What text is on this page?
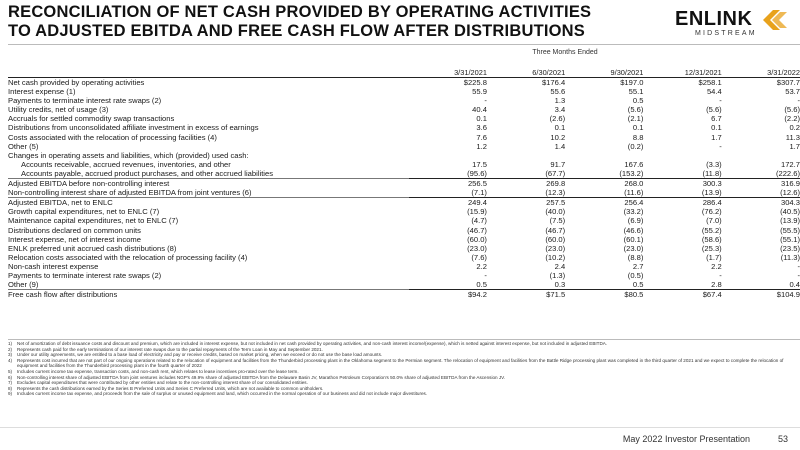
RECONCILIATION OF NET CASH PROVIDED BY OPERATING ACTIVITIES
TO ADJUSTED EBITDA AND FREE CASH FLOW AFTER DISTRIBUTIONS
ENLINK
MIDSTREAM
Three Months Ended
	3/31/2021	6/30/2021	9/30/2021	12/31/2021	3/31/2022
Net cash provided by operating activities	$225.8	$176.4	$197.0	$258.1	$307.7
Interest expense (1)	55.9	55.6	55.1	54.4	53.7
Payments to terminate interest rate swaps (2)	-	1.3	0.5	-	-
Utility credits, net of usage (3)	40.4	3.4	(5.6)	(5.6)	(5.6)
Accruals for settled commodity swap transactions	0.1	(2.6)	(2.1)	6.7	(2.2)
Distributions from unconsolidated affiliate investment in excess of earnings	3.6	0.1	0.1	0.1	0.2
Costs associated with the relocation of processing facilities (4)	7.6	10.2	8.8	1.7	11.3
Other (5)	1.2	1.4	(0.2)	-	1.7
Changes in operating assets and liabilities, which (provided) used cash:					
Accounts receivable, accrued revenues, inventories, and other	17.5	91.7	167.6	(3.3)	172.7
Accounts payable, accrued product purchases, and other accrued liabilities	(95.6)	(67.7)	(153.2)	(11.8)	(222.6)
Adjusted EBITDA before non-controlling interest	256.5	269.8	268.0	300.3	316.9
Non-controlling interest share of adjusted EBITDA from joint ventures (6)	(7.1)	(12.3)	(11.6)	(13.9)	(12.6)
Adjusted EBITDA, net to ENLC	249.4	257.5	256.4	286.4	304.3
Growth capital expenditures, net to ENLC (7)	(15.9)	(40.0)	(33.2)	(76.2)	(40.5)
Maintenance capital expenditures, net to ENLC (7)	(4.7)	(7.5)	(6.9)	(7.0)	(13.9)
Distributions declared on common units	(46.7)	(46.7)	(46.6)	(55.2)	(55.5)
Interest expense, net of interest income	(60.0)	(60.0)	(60.1)	(58.6)	(55.1)
ENLK preferred unit accrued cash distributions (8)	(23.0)	(23.0)	(23.0)	(25.3)	(23.5)
Relocation costs associated with the relocation of processing facility (4)	(7.6)	(10.2)	(8.8)	(1.7)	(11.3)
Non-cash interest expense	2.2	2.4	2.7	2.2	-
Payments to terminate interest rate swaps (2)	-	(1.3)	(0.5)	-	-
Other (9)	0.5	0.3	0.5	2.8	0.4
Free cash flow after distributions	$94.2	$71.5	$80.5	$67.4	$104.9
1)	Net of amortization of debt issuance costs and discount and premium, which are included in interest expense, but not included in net cash provided by operating activities, and non-cash interest income/(expense), which is netted against interest expense, but not included in adjusted EBITDA.
2)	Represents cash paid for the early terminations of our interest rate swaps due to the partial repayments of the Term Loan in May and September 2021.
3)	Under our utility agreements, we are entitled to a base load of electricity and pay or receive credits, based on market pricing, when we exceed or do not use the base load amounts.
4)	Represents cost incurred that are not part of our ongoing operations related to the relocation of equipment and facilities from the Thunderbird processing plant in the Oklahoma segment to the Permian segment. The relocation of equipment and facilities from the Battle Ridge processing plant was completed in the third quarter of 2021 and we expect to complete the relocation of equipment and facilities from the Thunderbird processing plant in the fourth quarter of 2022
5)	Includes current income tax expense, transaction costs, and non-cash rent, which relates to lease incentives pro-rated over the lease term.
6)	Non-controlling interest share of adjusted EBITDA from joint ventures includes NGP's 49.9% share of adjusted EBITDA from the Delaware Basin JV, Marathon Petroleum Corporation's 50.0% share of adjusted EBITDA from the Ascension JV.
7)	Excludes capital expenditures that were contributed by other entities and relate to the non-controlling interest share of our consolidated entities.
8)	Represents the cash distributions earned by the Series B Preferred Units and Series C Preferred Units, which are not available to common unitholders.
9)	Includes current income tax expense, and proceeds from the sale of surplus or unused equipment and land, which occurred in the normal operation of our business and did not include major divestitures.
May 2022 Investor Presentation	53
